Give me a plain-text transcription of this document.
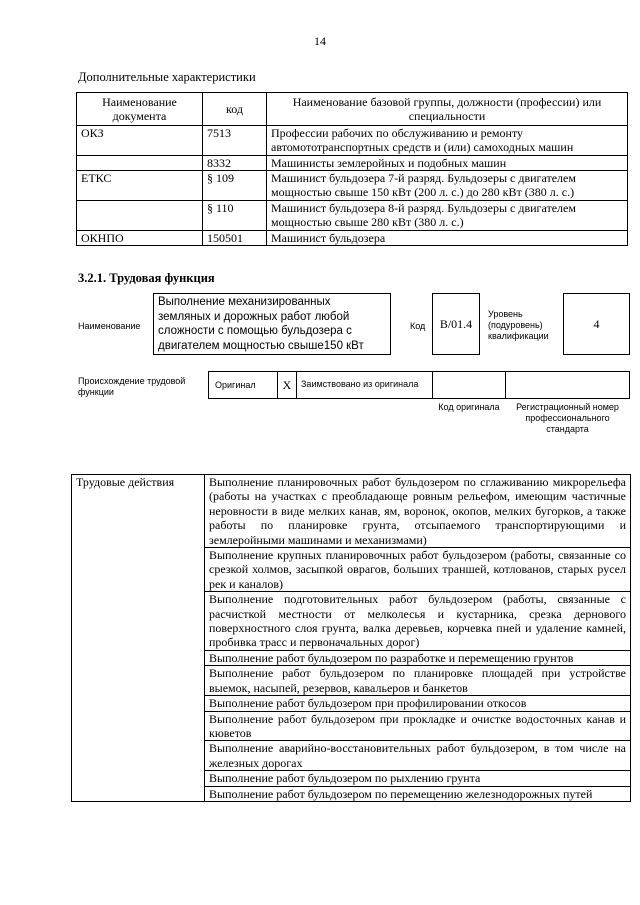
14
Дополнительные характеристики
Наименование документа	код	Наименование базовой группы, должности (профессии) или специальности
ОКЗ	7513	Профессии рабочих по обслуживанию и ремонту автомототранспортных средств и (или) самоходных машин
	8332	Машинисты землеройных и подобных машин
ЕТКС	§ 109	Машинист бульдозера 7-й разряд. Бульдозеры с двигателем мощностью свыше 150 кВт (200 л. с.) до 280 кВт (380 л. с.)
	§ 110	Машинист бульдозера 8-й разряд. Бульдозеры с двигателем мощностью свыше 280 кВт (380 л. с.)
ОКНПО	150501	Машинист бульдозера
3.2.1. Трудовая функция
Наименование
Выполнение механизированных земляных и дорожных работ любой сложности с помощью бульдозера с двигателем мощностью свыше150 кВт
Код B/01.4
Уровень (подуровень) квалификации
4
Происхождение трудовой функции
Оригинал X	Заимствовано из оригинала
Код оригинала	Регистрационный номер профессионального стандарта
Трудовые действия	Выполнение планировочных работ бульдозером по сглаживанию микрорельефа (работы на участках с преобладающе ровным рельефом, имеющим частичные неровности в виде мелких канав, ям, воронок, окопов, мелких бугорков, а также работы по планировке грунта, отсыпаемого транспортирующими и землеройными машинами и механизмами)
Выполнение крупных планировочных работ бульдозером (работы, связанные со срезкой холмов, засыпкой оврагов, больших траншей, котлованов, старых русел рек и каналов)
Выполнение подготовительных работ бульдозером (работы, связанные с расчисткой местности от мелколесья и кустарника, срезка дернового поверхностного слоя грунта, валка деревьев, корчевка пней и удаление камней, пробивка трасс и первоначальных дорог)
Выполнение работ бульдозером по разработке и перемещению грунтов
Выполнение работ бульдозером по планировке площадей при устройстве выемок, насыпей, резервов, кавальеров и банкетов
Выполнение работ бульдозером при профилировании откосов
Выполнение работ бульдозером при прокладке и очистке водосточных канав и кюветов
Выполнение аварийно-восстановительных работ бульдозером, в том числе на железных дорогах
Выполнение работ бульдозером по рыхлению грунта
Выполнение работ бульдозером по перемещению железнодорожных путей
